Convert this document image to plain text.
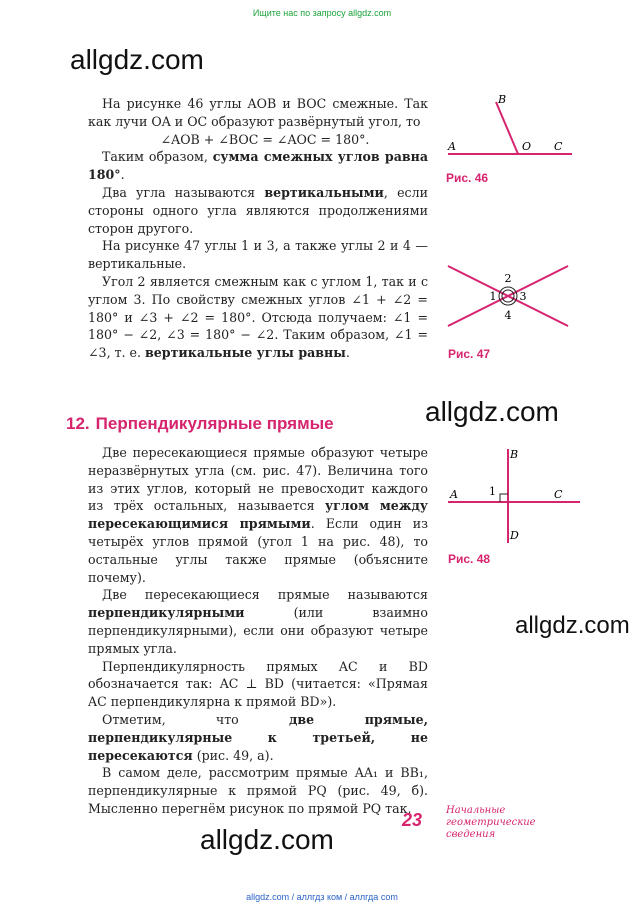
Ищите нас по запросу allgdz.com
allgdz.com
allgdz.com
allgdz.com
allgdz.com

На рисунке 46 углы AOB и BOC смежные. Так как лучи OA и OC образуют развёрнутый угол, то

∠AOB + ∠BOC = ∠AOC = 180°.

Таким образом, сумма смежных углов равна 180°.

Два угла называются вертикальными, если стороны одного угла являются продолжениями сторон другого.

На рисунке 47 углы 1 и 3, а также углы 2 и 4 — вертикальные.

Угол 2 является смежным как с углом 1, так и с углом 3. По свойству смежных углов ∠1 + ∠2 = 180° и ∠3 + ∠2 = 180°. Отсюда получаем: ∠1 = 180° − ∠2, ∠3 = 180° − ∠2. Таким образом, ∠1 = ∠3, т. е. вертикальные углы равны.

12. Перпендикулярные прямые

Две пересекающиеся прямые образуют четыре неразвёрнутых угла (см. рис. 47). Величина того из этих углов, который не превосходит каждого из трёх остальных, называется углом между пересекающимися прямыми. Если один из четырёх углов прямой (угол 1 на рис. 48), то остальные углы также прямые (объясните почему).

Две пересекающиеся прямые называются перпендикулярными (или взаимно перпендикулярными), если они образуют четыре прямых угла.

Перпендикулярность прямых AC и BD обозначается так: AC ⊥ BD (читается: «Прямая AC перпендикулярна к прямой BD»).

Отметим, что две прямые, перпендикулярные к третьей, не пересекаются (рис. 49, а).

В самом деле, рассмотрим прямые AA₁ и BB₁, перпендикулярные к прямой PQ (рис. 49, б). Мысленно перегнём рисунок по прямой PQ так,

A	O C
B
Рис. 46
2
1 3
4
Рис. 47
B
A	C
D
1
Рис. 48
23 Начальные
геометрические
сведения
allgdz.com / аллгдз ком / аллгда com
